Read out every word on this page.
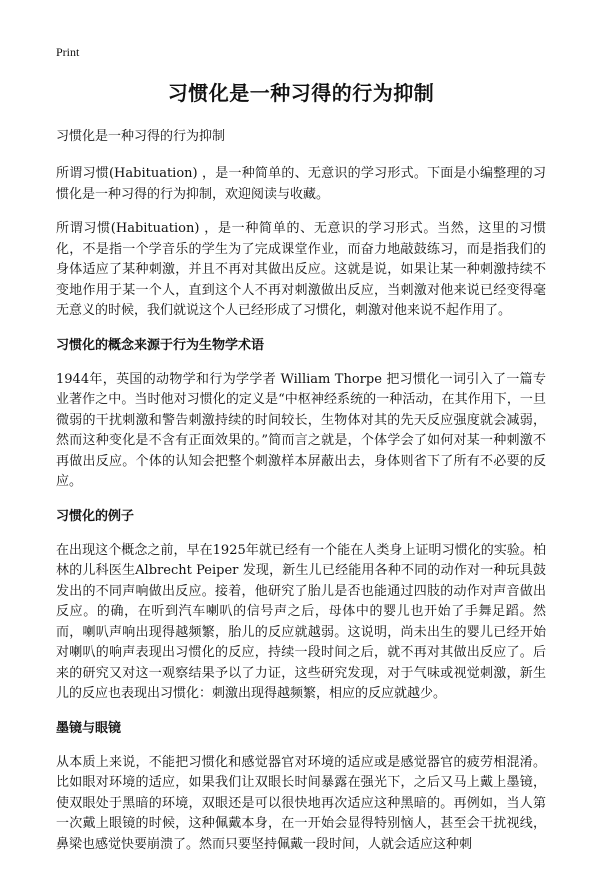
Print
习惯化是一种习得的行为抑制
习惯化是一种习得的行为抑制

所谓习惯(Habituation) ，是一种简单的、无意识的学习形式。下面是小编整理的习惯化是一种习得的行为抑制，欢迎阅读与收藏。

所谓习惯(Habituation) ，是一种简单的、无意识的学习形式。当然，这里的习惯化，不是指一个学音乐的学生为了完成课堂作业，而奋力地敲鼓练习，而是指我们的身体适应了某种刺激，并且不再对其做出反应。这就是说，如果让某一种刺激持续不变地作用于某一个人，直到这个人不再对刺激做出反应，当刺激对他来说已经变得毫无意义的时候，我们就说这个人已经形成了习惯化，刺激对他来说不起作用了。

习惯化的概念来源于行为生物学术语

1944年，英国的动物学和行为学学者 William Thorpe 把习惯化一词引入了一篇专业著作之中。当时他对习惯化的定义是“中枢神经系统的一种活动，在其作用下，一旦微弱的干扰刺激和警告刺激持续的时间较长，生物体对其的先天反应强度就会减弱，然而这种变化是不含有正面效果的。”简而言之就是，个体学会了如何对某一种刺激不再做出反应。个体的认知会把整个刺激样本屏蔽出去，身体则省下了所有不必要的反应。

习惯化的例子

在出现这个概念之前，早在1925年就已经有一个能在人类身上证明习惯化的实验。柏林的儿科医生Albrecht Peiper 发现，新生儿已经能用各种不同的动作对一种玩具鼓发出的不同声响做出反应。接着，他研究了胎儿是否也能通过四肢的动作对声音做出反应。的确，在听到汽车喇叭的信号声之后，母体中的婴儿也开始了手舞足蹈。然而，喇叭声响出现得越频繁，胎儿的反应就越弱。这说明，尚未出生的婴儿已经开始对喇叭的响声表现出习惯化的反应，持续一段时间之后，就不再对其做出反应了。后来的研究又对这一观察结果予以了力证，这些研究发现，对于气味或视觉刺激，新生儿的反应也表现出习惯化：刺激出现得越频繁，相应的反应就越少。

墨镜与眼镜

从本质上来说，不能把习惯化和感觉器官对环境的适应或是感觉器官的疲劳相混淆。比如眼对环境的适应，如果我们让双眼长时间暴露在强光下，之后又马上戴上墨镜，使双眼处于黑暗的环境，双眼还是可以很快地再次适应这种黑暗的。再例如，当人第一次戴上眼镜的时候，这种佩戴本身，在一开始会显得特别恼人，甚至会干扰视线，鼻梁也感觉快要崩溃了。然而只要坚持佩戴一段时间，人就会适应这种刺
